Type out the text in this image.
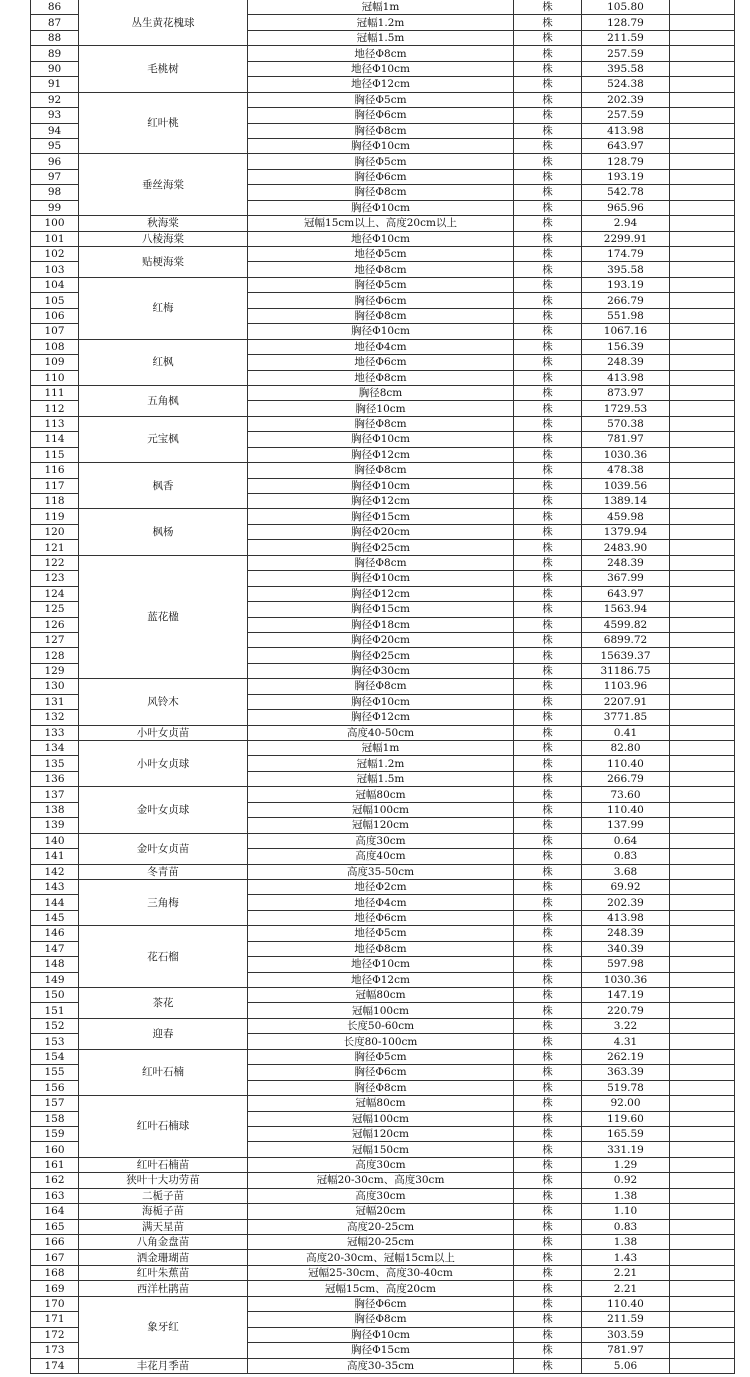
86	丛生黄花槐球	冠幅1m	株	105.80	
87		冠幅1.2m	株	128.79	
88		冠幅1.5m	株	211.59	
89	毛桃树	地径Φ8cm	株	257.59	
90		地径Φ10cm	株	395.58	
91		地径Φ12cm	株	524.38	
92	红叶桃	胸径Φ5cm	株	202.39	
93		胸径Φ6cm	株	257.59	
94		胸径Φ8cm	株	413.98	
95		胸径Φ10cm	株	643.97	
96	垂丝海棠	胸径Φ5cm	株	128.79	
97		胸径Φ6cm	株	193.19	
98		胸径Φ8cm	株	542.78	
99		胸径Φ10cm	株	965.96	
100	秋海棠	冠幅15cm以上、高度20cm以上	株	2.94	
101	八棱海棠	地径Φ10cm	株	2299.91	
102	贴梗海棠	地径Φ5cm	株	174.79	
103		地径Φ8cm	株	395.58	
104	红梅	胸径Φ5cm	株	193.19	
105		胸径Φ6cm	株	266.79	
106		胸径Φ8cm	株	551.98	
107		胸径Φ10cm	株	1067.16	
108	红枫	地径Φ4cm	株	156.39	
109		地径Φ6cm	株	248.39	
110		地径Φ8cm	株	413.98	
111	五角枫	胸径8cm	株	873.97	
112		胸径10cm	株	1729.53	
113	元宝枫	胸径Φ8cm	株	570.38	
114		胸径Φ10cm	株	781.97	
115		胸径Φ12cm	株	1030.36	
116	枫香	胸径Φ8cm	株	478.38	
117		胸径Φ10cm	株	1039.56	
118		胸径Φ12cm	株	1389.14	
119	枫杨	胸径Φ15cm	株	459.98	
120		胸径Φ20cm	株	1379.94	
121		胸径Φ25cm	株	2483.90	
122	蓝花楹	胸径Φ8cm	株	248.39	
123		胸径Φ10cm	株	367.99	
124		胸径Φ12cm	株	643.97	
125		胸径Φ15cm	株	1563.94	
126		胸径Φ18cm	株	4599.82	
127		胸径Φ20cm	株	6899.72	
128		胸径Φ25cm	株	15639.37	
129		胸径Φ30cm	株	31186.75	
130	风铃木	胸径Φ8cm	株	1103.96	
131		胸径Φ10cm	株	2207.91	
132		胸径Φ12cm	株	3771.85	
133	小叶女贞苗	高度40-50cm	株	0.41	
134	小叶女贞球	冠幅1m	株	82.80	
135		冠幅1.2m	株	110.40	
136		冠幅1.5m	株	266.79	
137	金叶女贞球	冠幅80cm	株	73.60	
138		冠幅100cm	株	110.40	
139		冠幅120cm	株	137.99	
140	金叶女贞苗	高度30cm	株	0.64	
141		高度40cm	株	0.83	
142	冬青苗	高度35-50cm	株	3.68	
143	三角梅	地径Φ2cm	株	69.92	
144		地径Φ4cm	株	202.39	
145		地径Φ6cm	株	413.98	
146	花石榴	地径Φ5cm	株	248.39	
147		地径Φ8cm	株	340.39	
148		地径Φ10cm	株	597.98	
149		地径Φ12cm	株	1030.36	
150	茶花	冠幅80cm	株	147.19	
151		冠幅100cm	株	220.79	
152	迎春	长度50-60cm	株	3.22	
153		长度80-100cm	株	4.31	
154	红叶石楠	胸径Φ5cm	株	262.19	
155		胸径Φ6cm	株	363.39	
156		胸径Φ8cm	株	519.78	
157	红叶石楠球	冠幅80cm	株	92.00	
158		冠幅100cm	株	119.60	
159		冠幅120cm	株	165.59	
160		冠幅150cm	株	331.19	
161	红叶石楠苗	高度30cm	株	1.29	
162	狭叶十大功劳苗	冠幅20-30cm、高度30cm	株	0.92	
163	二栀子苗	高度30cm	株	1.38	
164	海栀子苗	冠幅20cm	株	1.10	
165	满天星苗	高度20-25cm	株	0.83	
166	八角金盘苗	冠幅20-25cm	株	1.38	
167	洒金珊瑚苗	高度20-30cm、冠幅15cm以上	株	1.43	
168	红叶朱蕉苗	冠幅25-30cm、高度30-40cm	株	2.21	
169	西洋杜鹃苗	冠幅15cm、高度20cm	株	2.21	
170	象牙红	胸径Φ6cm	株	110.40	
171		胸径Φ8cm	株	211.59	
172		胸径Φ10cm	株	303.59	
173		胸径Φ15cm	株	781.97	
174	丰花月季苗	高度30-35cm	株	5.06	
